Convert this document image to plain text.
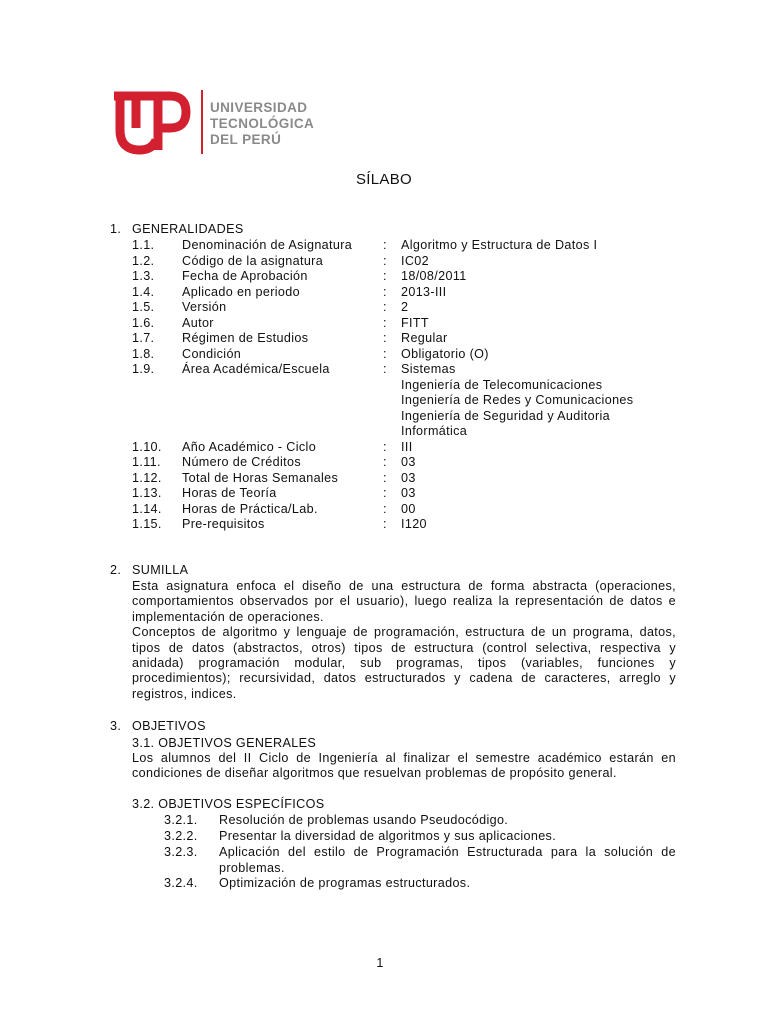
UNIVERSIDAD
TECNOLÓGICA
DEL PERÚ
SÍLABO
1. GENERALIDADES
1.1. Denominación de Asignatura : Algoritmo y Estructura de Datos I
1.2. Código de la asignatura	: IC02
1.3. Fecha de Aprobación	: 18/08/2011
1.4. Aplicado en periodo	: 2013-III
1.5. Versión	: 2
1.6. Autor	: FITT
1.7. Régimen de Estudios	: Regular
1.8. Condición	: Obligatorio (O)
1.9. Área Académica/Escuela	: Sistemas
Ingeniería de Telecomunicaciones
Ingeniería de Redes y Comunicaciones
Ingeniería de Seguridad y Auditoria
Informática
1.10. Año Académico - Ciclo	: III
1.11. Número de Créditos	: 03
1.12. Total de Horas Semanales	: 03
1.13. Horas de Teoría	: 03
1.14. Horas de Práctica/Lab.	: 00
1.15. Pre-requisitos	: I120
2. SUMILLA

Esta asignatura enfoca el diseño de una estructura de forma abstracta (operaciones, comportamientos observados por el usuario), luego realiza la representación de datos e implementación de operaciones.

Conceptos de algoritmo y lenguaje de programación, estructura de un programa, datos, tipos de datos (abstractos, otros) tipos de estructura (control selectiva, respectiva y anidada) programación modular, sub programas, tipos (variables, funciones y procedimientos); recursividad, datos estructurados y cadena de caracteres, arreglo y registros, indices.

3. OBJETIVOS
3.1. OBJETIVOS GENERALES

Los alumnos del II Ciclo de Ingeniería al finalizar el semestre académico estarán en condiciones de diseñar algoritmos que resuelvan problemas de propósito general.

3.2. OBJETIVOS ESPECÍFICOS
3.2.1. Resolución de problemas usando Pseudocódigo.
3.2.2. Presentar la diversidad de algoritmos y sus aplicaciones.
3.2.3. Aplicación del estilo de Programación Estructurada para la solución de
problemas.
3.2.4. Optimización de programas estructurados.
1
